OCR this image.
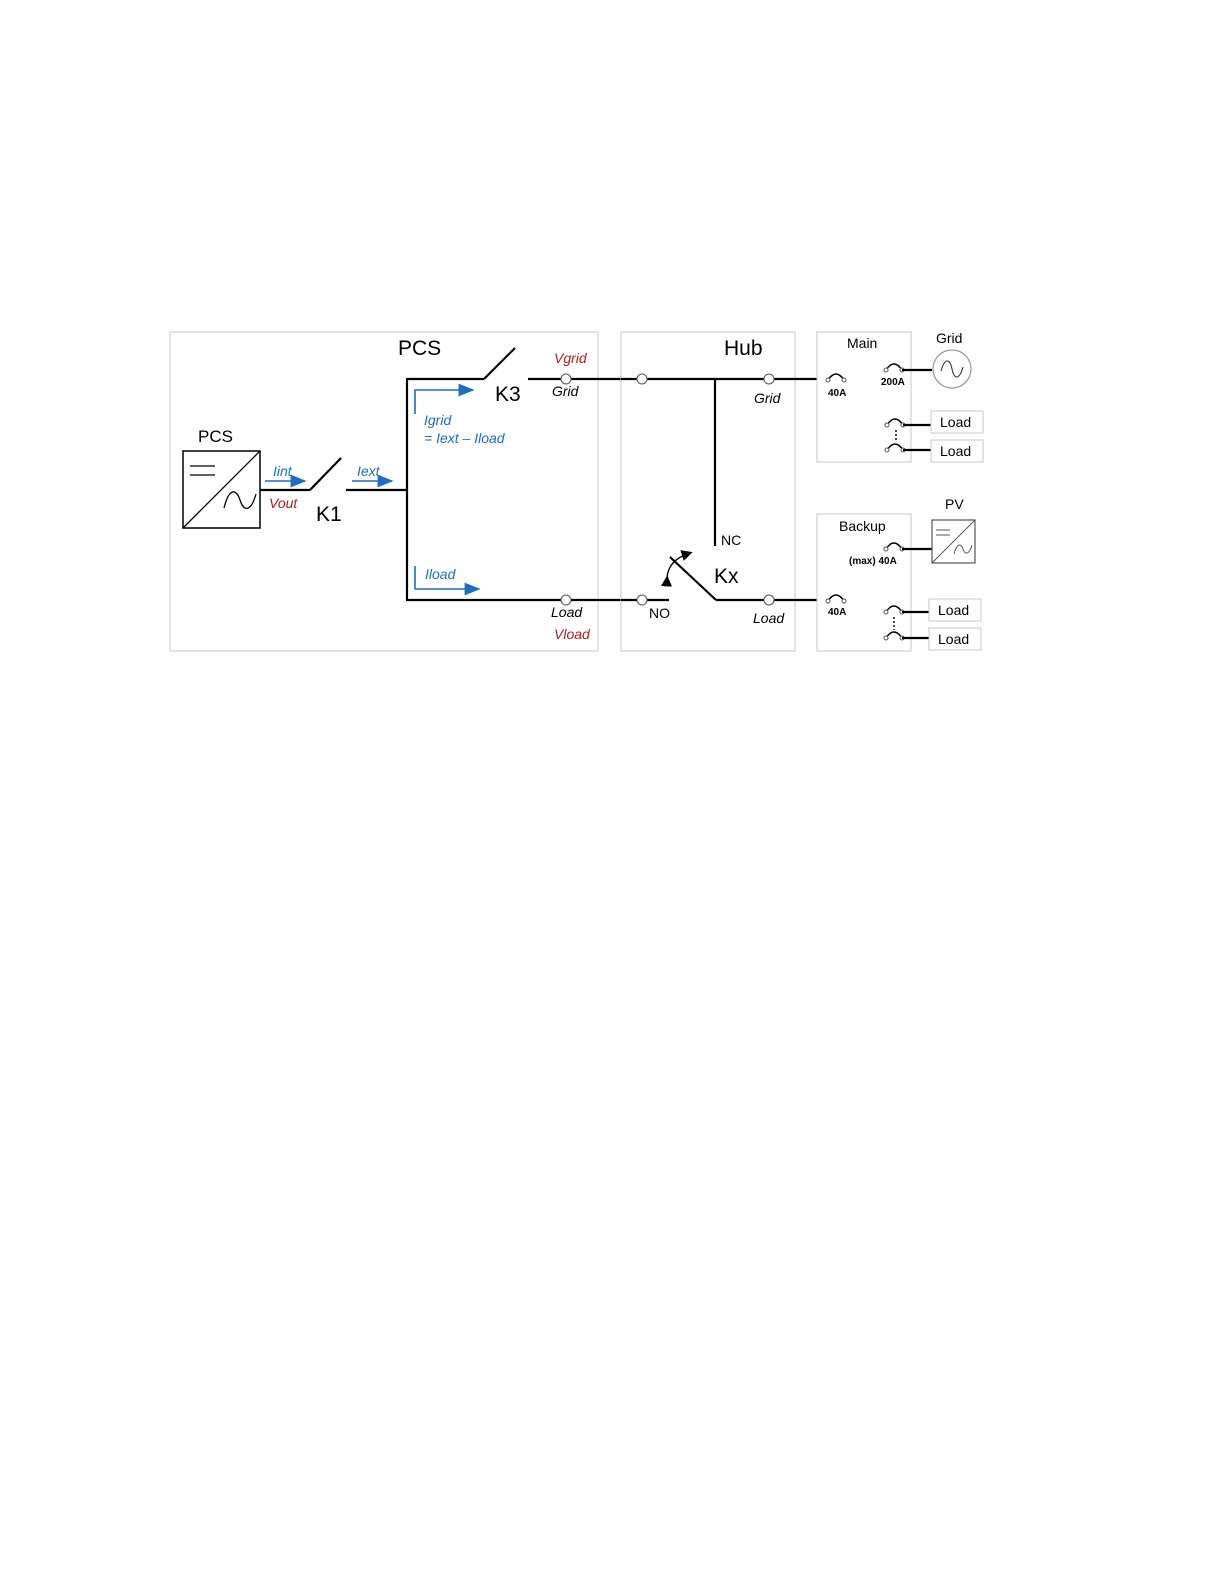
PCS
PCS
K1
Iint
Vout
Iext
K3
Vgrid
Grid
Igrid
= Iext – Iload
Load
Vload
Iload
Hub
Grid
NC
NO
Kx
Load
Main
40A
200A
Load
Load
Grid
Backup
(max) 40A
40A	Load
Load
PV
